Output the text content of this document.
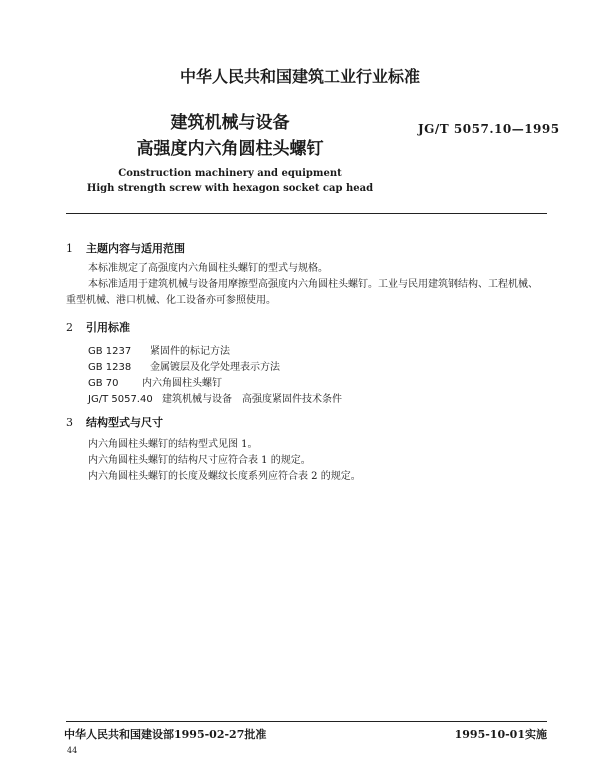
中华人民共和国建筑工业行业标准
建筑机械与设备
高强度内六角圆柱头螺钉
JG/T 5057.10—1995
Construction machinery and equipment
High strength screw with hexagon socket cap head
1 主题内容与适用范围
本标准规定了高强度内六角圆柱头螺钉的型式与规格。
本标准适用于建筑机械与设备用摩擦型高强度内六角圆柱头螺钉。工业与民用建筑钢结构、工程机械、重型机械、港口机械、化工设备亦可参照使用。
2 引用标准
GB 1237 紧固件的标记方法
GB 1238 金属镀层及化学处理表示方法
GB 70 内六角圆柱头螺钉
JG/T 5057.40 建筑机械与设备　高强度紧固件技术条件
3 结构型式与尺寸
内六角圆柱头螺钉的结构型式见图 1。
内六角圆柱头螺钉的结构尺寸应符合表 1 的规定。
内六角圆柱头螺钉的长度及螺纹长度系列应符合表 2 的规定。
中华人民共和国建设部1995-02-27批准	1995-10-01实施
44
